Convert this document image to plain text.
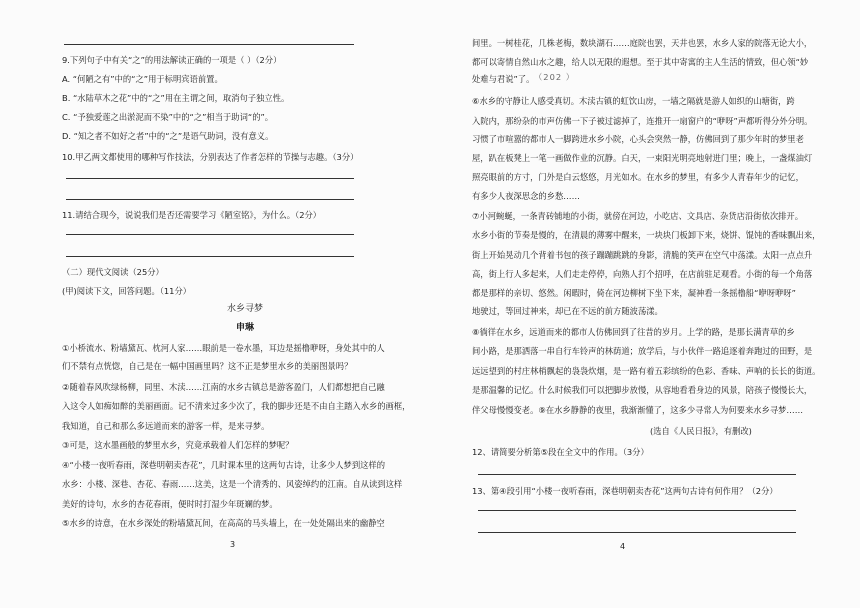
9.下列句子中有关“之”的用法解读正确的一项是（ ）（2分）
A. “何陋之有”中的“之”用于标明宾语前置。
B. “水陆草木之花”中的“之”用在主谓之间，取消句子独立性。
C. “予独爱莲之出淤泥而不染”中的“之”相当于助词“的”。
D. “知之者不如好之者”中的“之”是语气助词，没有意义。
10.甲乙两文都使用的哪种写作技法，分别表达了作者怎样的节操与志趣。（3分）
11.请结合现今，说说我们是否还需要学习《陋室铭》，为什么。（2分）
（二）现代文阅读（25分）
(甲)阅读下文，回答问题。（11分）
水乡寻梦
申琳
①小桥流水、粉墙黛瓦、枕河人家……眼前是一卷水墨，耳边是摇橹咿呀，身处其中的人
们不禁有点恍惚，自己是在一幅中国画里吗？这不正是梦里水乡的美丽图景吗？
②随着春风吹绿杨柳，同里、木渎……江南的水乡古镇总是游客盈门，人们都想把自己融
入这令人如痴如醉的美丽画面。记不清来过多少次了，我的脚步还是不由自主踏入水乡的画框，
我知道，自己和那么多远道而来的游客一样，是来寻梦。
③可是，这水墨画般的梦里水乡，究竟承载着人们怎样的梦呢？
④“小楼一夜听春雨，深巷明朝卖杏花”，几时课本里的这两句古诗，让多少人梦到这样的
水乡：小楼、深巷、杏花、春雨……这美，这是一个清秀的、风姿绰约的江南。自从读到这样
美好的诗句，水乡的杏花春雨，便时时打湿少年斑斓的梦。
⑤水乡的诗意，在水乡深处的粉墙黛瓦间，在高高的马头墙上，在一处处隔出来的幽静空
3
间里。一树桂花，几株老梅，数块湖石……庭院也罢，天井也罢，水乡人家的院落无论大小，
都可以寄情自然山水之趣，给人以无限的遐想。至于其中寄寓的主人生活的情致，但心领“妙
处难与君说”了。 （202 ）
⑥水乡的守静让人感受真切。木渎古镇的虹饮山房，一墙之隔就是游人如织的山塘街，跨
入院内，那纷杂的市声仿佛一下子被过滤掉了，连推开一扇窗户的“咿呀”声都听得分外分明。
习惯了市喧嚣的都市人一脚跨进水乡小院，心头会突然一静，仿佛回到了那少年时的梦里老
屋，趴在板凳上一笔一画做作业的沉静。白天，一束阳光明亮地射进门里；晚上，一盏煤油灯
照亮眼前的方寸，门外是白云悠悠，月光如水。在水乡的梦里，有多少人青春年少的记忆，
有多少人夜深思念的乡愁……
⑦小河蜿蜒，一条青砖铺地的小街，就傍在河边，小吃店、文具店、杂货店沿街依次排开。
水乡小街的节奏是慢的，在清晨的薄雾中醒来，一块块门板卸下来，烧饼、馄饨的香味飘出来，
街上开始晃动几个背着书包的孩子蹦蹦跳跳的身影，清脆的笑声在空气中荡漾。太阳一点点升
高，街上行人多起来，人们走走停停，向熟人打个招呼，在店前驻足观看。小街的每一个角落
都是那样的亲切、悠然。闲暇时，倚在河边柳树下坐下来，凝神看一条摇橹船“咿呀咿呀”
地驶过，等回过神来，却已在不远的前方随波荡漾。
⑧徜徉在水乡，远道而来的都市人仿佛回到了往昔的岁月。上学的路，是那长满青草的乡
间小路，是那洒落一串自行车铃声的林荫道；放学后，与小伙伴一路追逐着奔跑过的田野，是
远远望到的村庄林梢飘起的袅袅炊烟，是一路有着五彩缤纷的色彩、香味、声响的长长的街道。
是那温馨的记忆。什么时候我们可以把脚步放慢，从容地看看身边的风景，陪孩子慢慢长大，
伴父母慢慢变老。⑨在水乡静静的夜里，我渐渐懂了，这多少寻常人为何要来水乡寻梦……
(选自《人民日报》，有删改)
12、请简要分析第⑤段在全文中的作用。（3分）
13、第④段引用“小楼一夜听春雨，深巷明朝卖杏花”这两句古诗有何作用？（2分）
4
